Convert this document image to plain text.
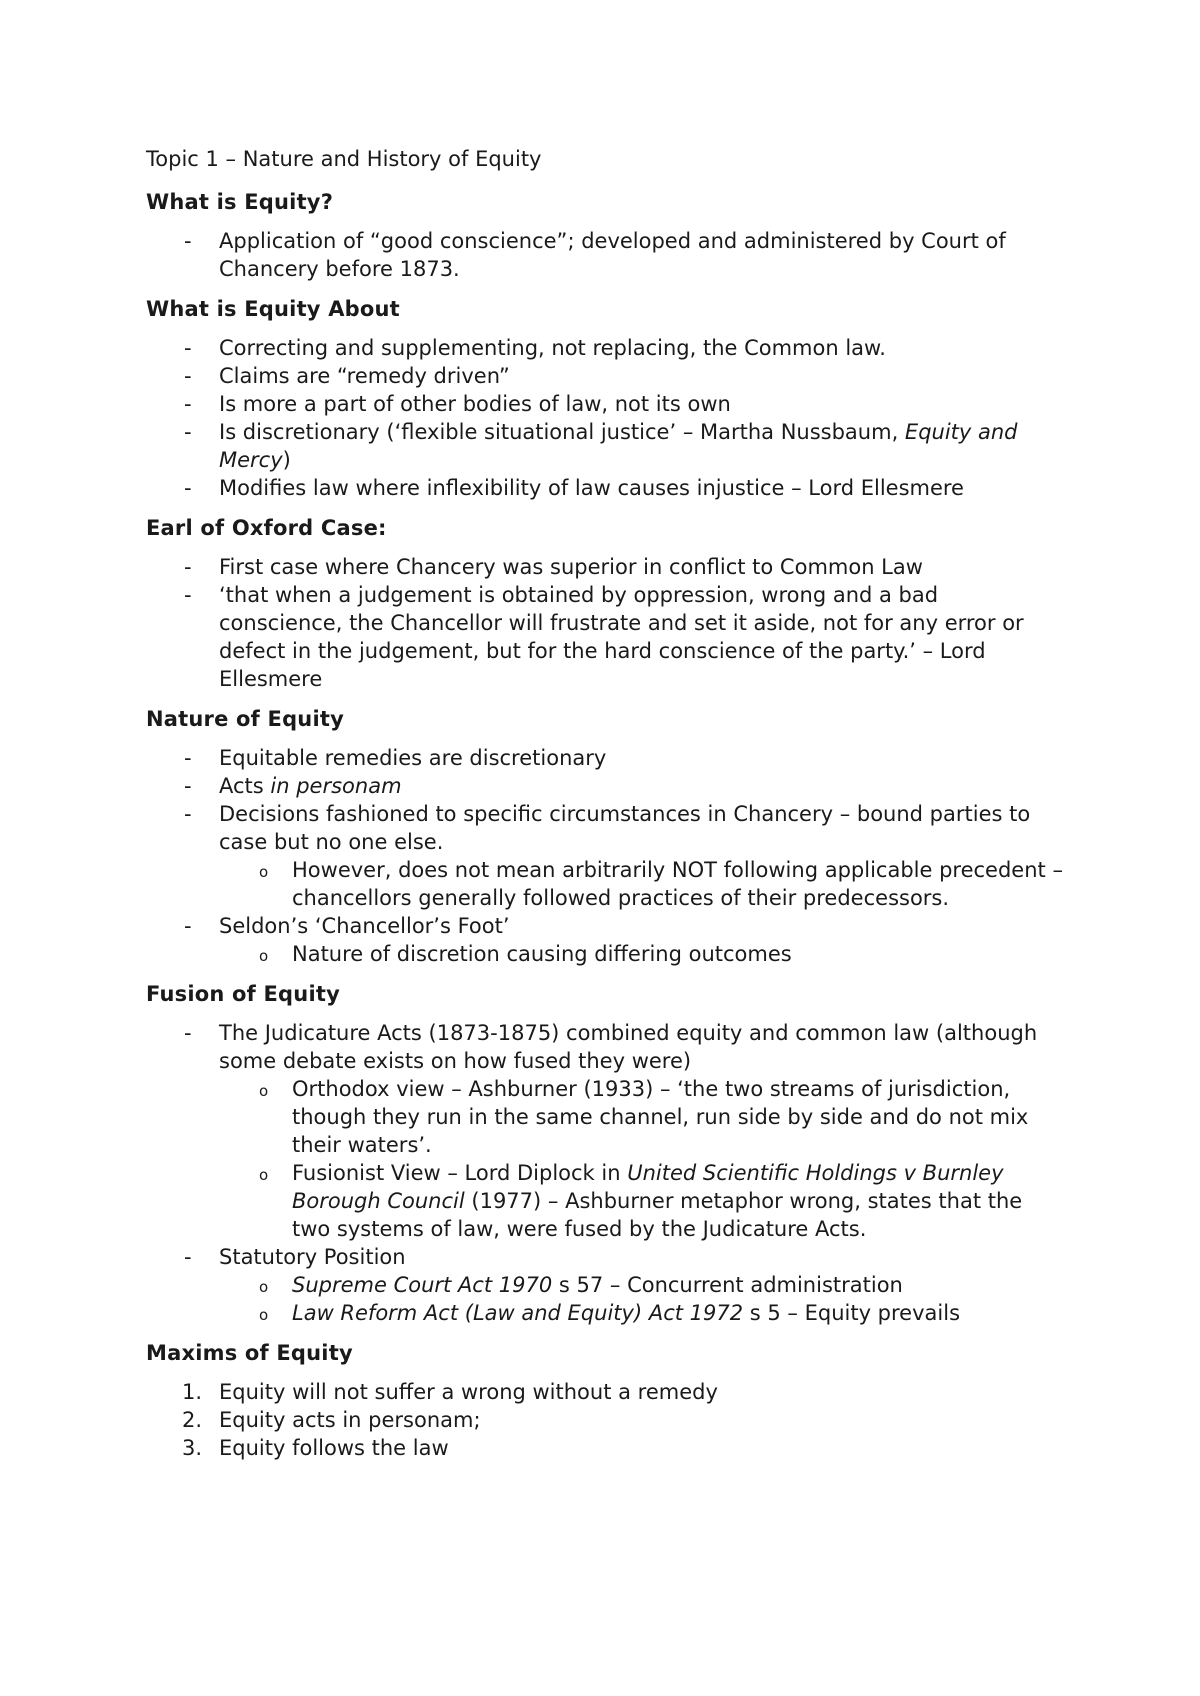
Topic 1 – Nature and History of Equity
What is Equity?
- Application of “good conscience”; developed and administered by Court of Chancery before 1873.
What is Equity About
- Correcting and supplementing, not replacing, the Common law.
- Claims are “remedy driven”
- Is more a part of other bodies of law, not its own
- Is discretionary (‘flexible situational justice’ – Martha Nussbaum, Equity and Mercy)
- Modifies law where inflexibility of law causes injustice – Lord Ellesmere
Earl of Oxford Case:
- First case where Chancery was superior in conflict to Common Law
- ‘that when a judgement is obtained by oppression, wrong and a bad conscience, the Chancellor will frustrate and set it aside, not for any error or defect in the judgement, but for the hard conscience of the party.’ – Lord Ellesmere
Nature of Equity
- Equitable remedies are discretionary
- Acts in personam
- Decisions fashioned to specific circumstances in Chancery – bound parties to case but no one else.
o However, does not mean arbitrarily NOT following applicable precedent – chancellors generally followed practices of their predecessors.
- Seldon’s ‘Chancellor’s Foot’
o Nature of discretion causing differing outcomes
Fusion of Equity
- The Judicature Acts (1873-1875) combined equity and common law (although some debate exists on how fused they were)
o Orthodox view – Ashburner (1933) – ‘the two streams of jurisdiction, though they run in the same channel, run side by side and do not mix their waters’.
o Fusionist View – Lord Diplock in United Scientific Holdings v Burnley Borough Council (1977) – Ashburner metaphor wrong, states that the two systems of law, were fused by the Judicature Acts.
- Statutory Position
o Supreme Court Act 1970 s 57 – Concurrent administration
o Law Reform Act (Law and Equity) Act 1972 s 5 – Equity prevails
Maxims of Equity
1. Equity will not suffer a wrong without a remedy
2. Equity acts in personam;
3. Equity follows the law
